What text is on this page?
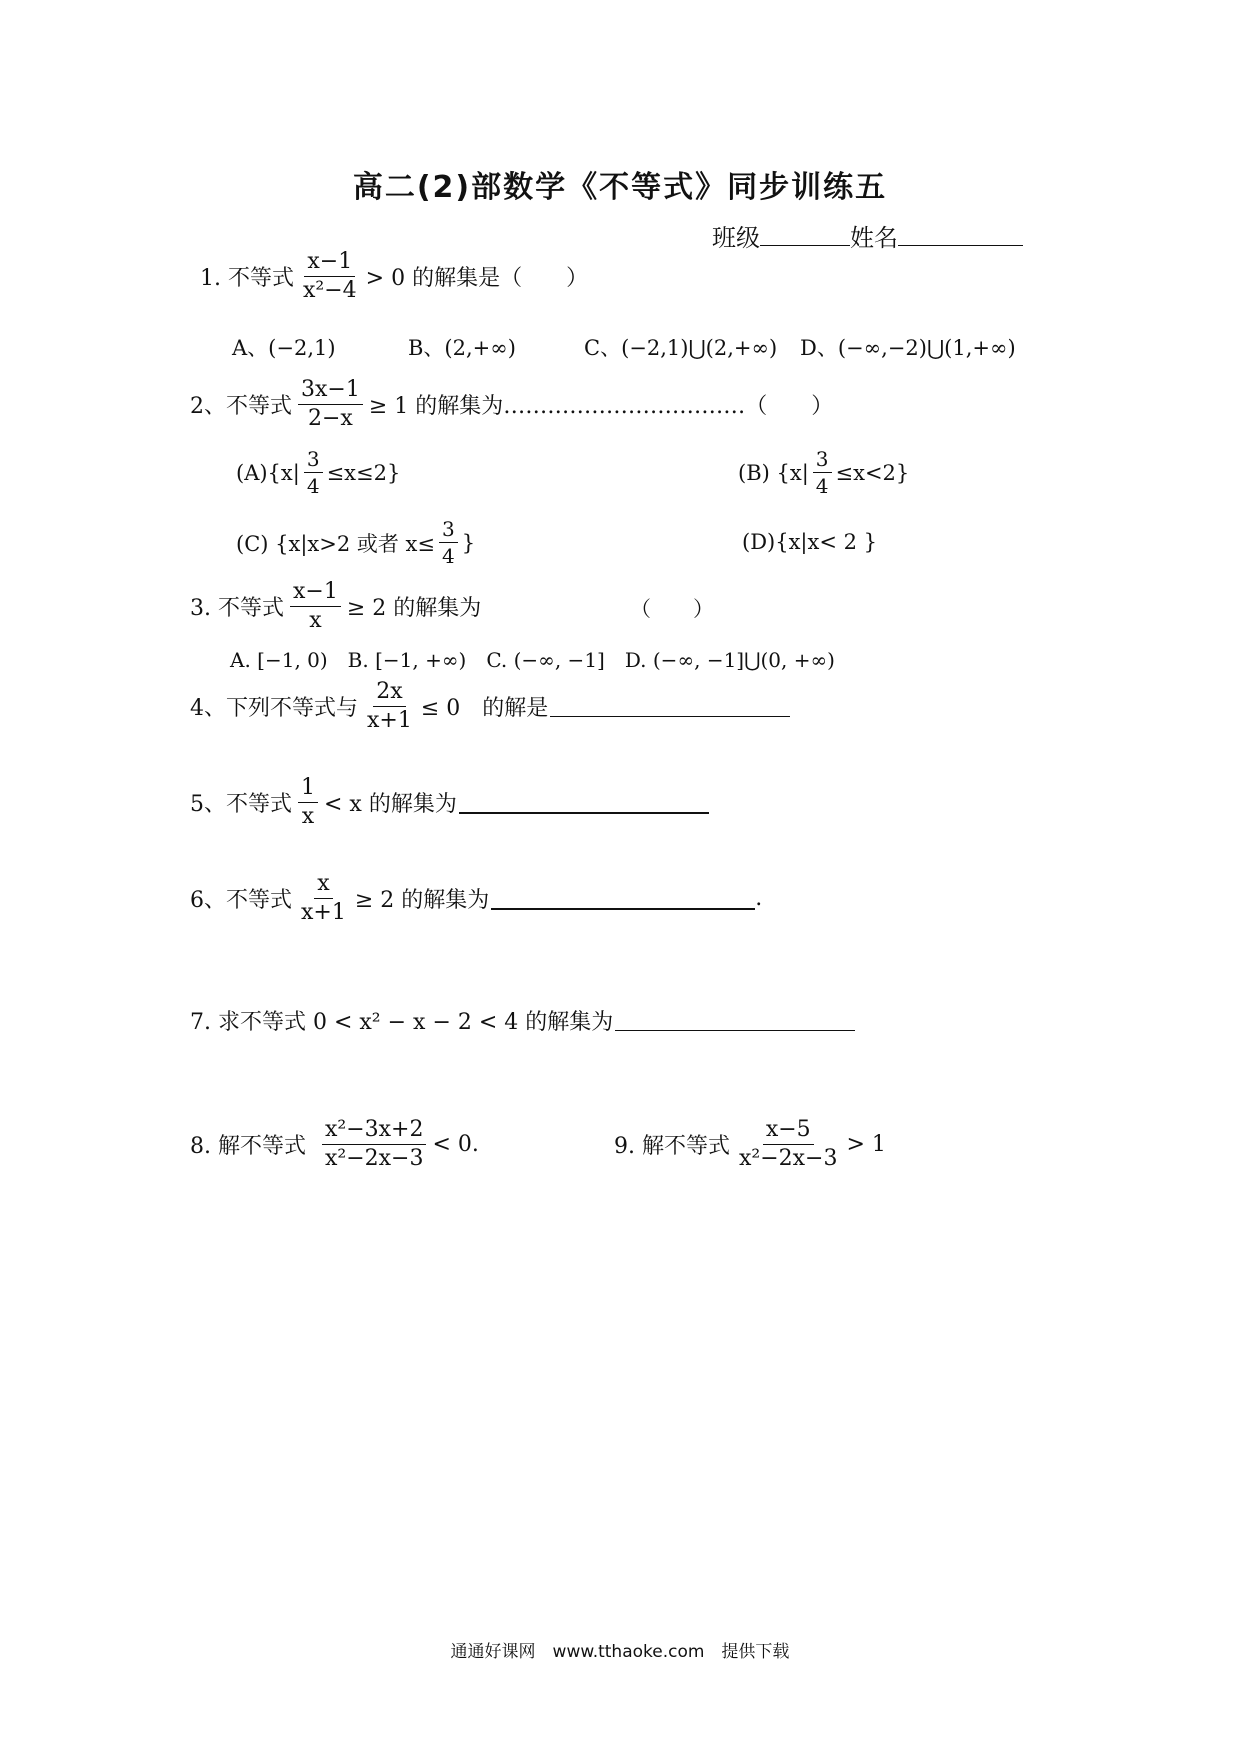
高二(2)部数学《不等式》同步训练五
班级	姓名
1. 不等式 $\frac{x-1}{\text{x²−4}} > 0$ 的解集是（　　）
A、(−2,1)	B、(2,+∞)	C、(−2,1)⋃(2,+∞) D、(−∞,−2)⋃(1,+∞)
2、不等式 $\frac{3x-1}{2-x} \ge 1$ 的解集为……………………………（　　）
$(A)\{x| \frac{3}{4} \le x\le 2\}$	(B) $\{x| \frac{3}{4} \le x<2\}$
(C) {x|x>2 或者 $x\le \frac{3}{4}$ }	(D){x|x< 2 }
3. 不等式 $\frac{x-1}{x} \ge 2$ 的解集为	（　　）
A. [−1, 0)　B. [−1, +∞)　C. (−∞, −1]　D. (−∞, −1]⋃(0, +∞)
4、下列不等式与 $\frac{2x}{x+1} \le 0$　的解是
5、不等式 $\frac{1}{x} < x$ 的解集为
6、不等式 $\frac{x}{x+1} \ge 2$ 的解集为	.
7. 求不等式 0 < x² − x − 2 < 4 的解集为
8. 解不等式 $\frac{\text{x²−3x+2}}{\text{x²−2x−3}} < 0$.	9. 解不等式 $\frac{x-5}{\text{x²−2x−3}} > 1$
通通好课网　www.tthaoke.com　提供下载
